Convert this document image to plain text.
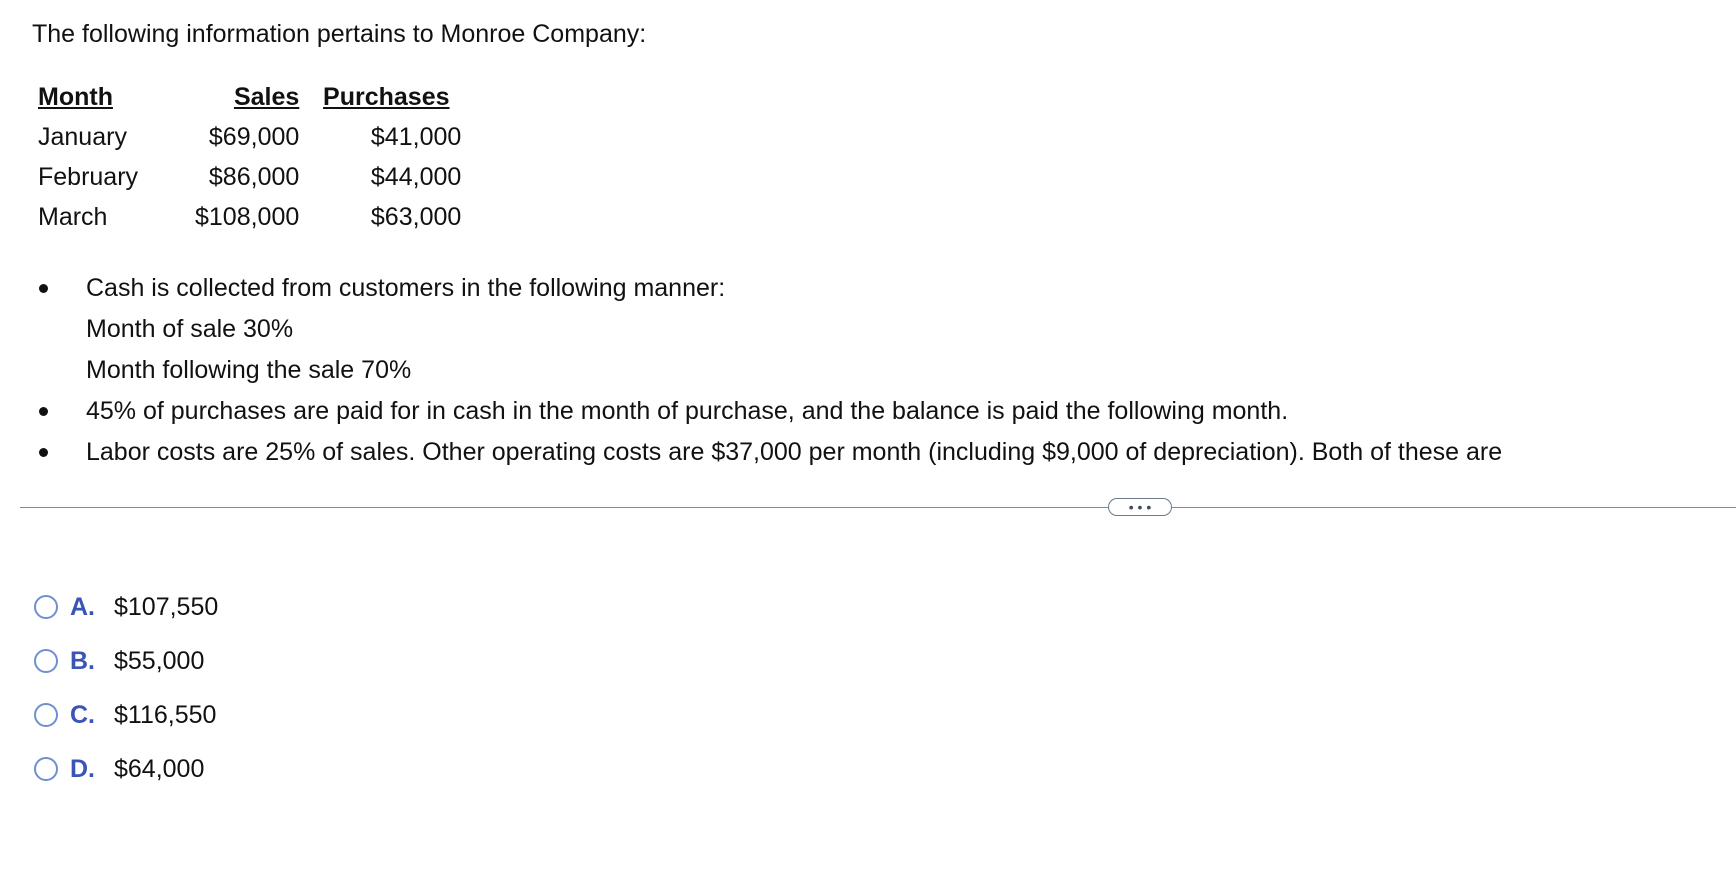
The following information pertains to Monroe Company:

Month	Sales	Purchases
January	$69,000	$41,000
February	$86,000	$44,000
March	$108,000	$63,000
Cash is collected from customers in the following manner:
Month of sale 30%
Month following the sale 70%
45% of purchases are paid for in cash in the month of purchase, and the balance is paid the following month.
Labor costs are 25% of sales. Other operating costs are $37,000 per month (including $9,000 of depreciation). Both of these are
• • •
A. $107,550
B. $55,000
C. $116,550
D. $64,000
